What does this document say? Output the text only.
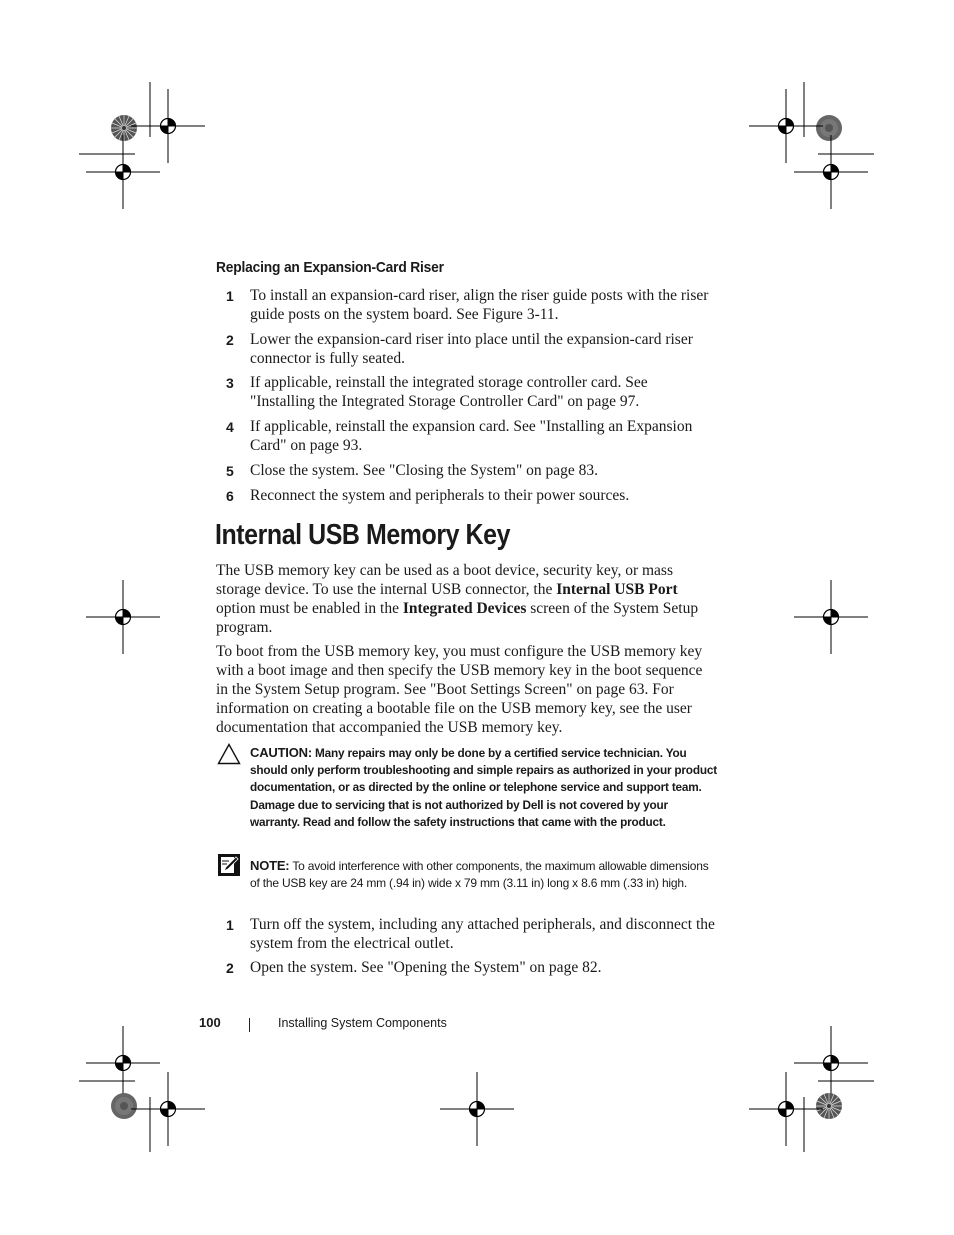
Replacing an Expansion-Card Riser
1 To install an expansion-card riser, align the riser guide posts with the riser guide posts on the system board. See Figure 3-11.
2 Lower the expansion-card riser into place until the expansion-card riser connector is fully seated.
3 If applicable, reinstall the integrated storage controller card. See "Installing the Integrated Storage Controller Card" on page 97.
4 If applicable, reinstall the expansion card. See "Installing an Expansion Card" on page 93.
5 Close the system. See "Closing the System" on page 83.
6 Reconnect the system and peripherals to their power sources.
Internal USB Memory Key
The USB memory key can be used as a boot device, security key, or mass storage device. To use the internal USB connector, the Internal USB Port option must be enabled in the Integrated Devices screen of the System Setup program.
To boot from the USB memory key, you must configure the USB memory key with a boot image and then specify the USB memory key in the boot sequence in the System Setup program. See "Boot Settings Screen" on page 63. For information on creating a bootable file on the USB memory key, see the user documentation that accompanied the USB memory key.
CAUTION: Many repairs may only be done by a certified service technician. You should only perform troubleshooting and simple repairs as authorized in your product documentation, or as directed by the online or telephone service and support team. Damage due to servicing that is not authorized by Dell is not covered by your warranty. Read and follow the safety instructions that came with the product.
NOTE: To avoid interference with other components, the maximum allowable dimensions of the USB key are 24 mm (.94 in) wide x 79 mm (3.11 in) long x 8.6 mm (.33 in) high.
1 Turn off the system, including any attached peripherals, and disconnect the system from the electrical outlet.
2 Open the system. See "Opening the System" on page 82.
100	Installing System Components
